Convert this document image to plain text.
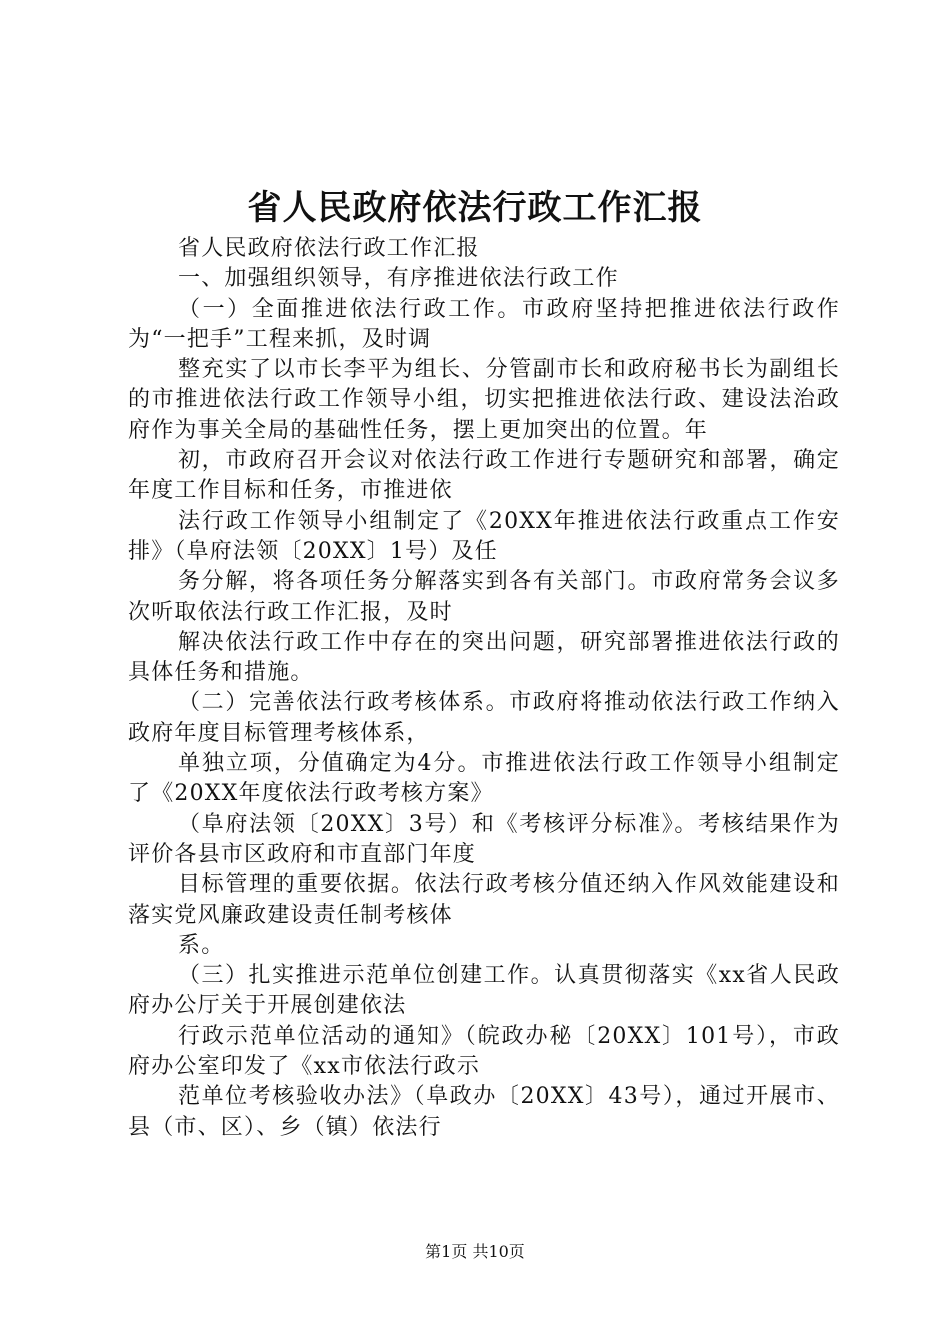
省人民政府依法行政工作汇报

省人民政府依法行政工作汇报

一、加强组织领导，有序推进依法行政工作

（一）全面推进依法行政工作。市政府坚持把推进依法行政作为“一把手”工程来抓，及时调

整充实了以市长李平为组长、分管副市长和政府秘书长为副组长的市推进依法行政工作领导小组，切实把推进依法行政、建设法治政府作为事关全局的基础性任务，摆上更加突出的位置。年

初，市政府召开会议对依法行政工作进行专题研究和部署，确定年度工作目标和任务，市推进依

法行政工作领导小组制定了《20XX年推进依法行政重点工作安排》（阜府法领〔20XX〕1号）及任

务分解，将各项任务分解落实到各有关部门。市政府常务会议多次听取依法行政工作汇报，及时

解决依法行政工作中存在的突出问题，研究部署推进依法行政的具体任务和措施。

（二）完善依法行政考核体系。市政府将推动依法行政工作纳入政府年度目标管理考核体系，

单独立项，分值确定为4分。市推进依法行政工作领导小组制定了《20XX年度依法行政考核方案》

（阜府法领〔20XX〕3号）和《考核评分标准》。考核结果作为评价各县市区政府和市直部门年度

目标管理的重要依据。依法行政考核分值还纳入作风效能建设和落实党风廉政建设责任制考核体

系。

（三）扎实推进示范单位创建工作。认真贯彻落实《xx省人民政府办公厅关于开展创建依法

行政示范单位活动的通知》（皖政办秘〔20XX〕101号），市政府办公室印发了《xx市依法行政示

范单位考核验收办法》（阜政办〔20XX〕43号），通过开展市、县（市、区）、乡（镇）依法行

第1页 共10页
